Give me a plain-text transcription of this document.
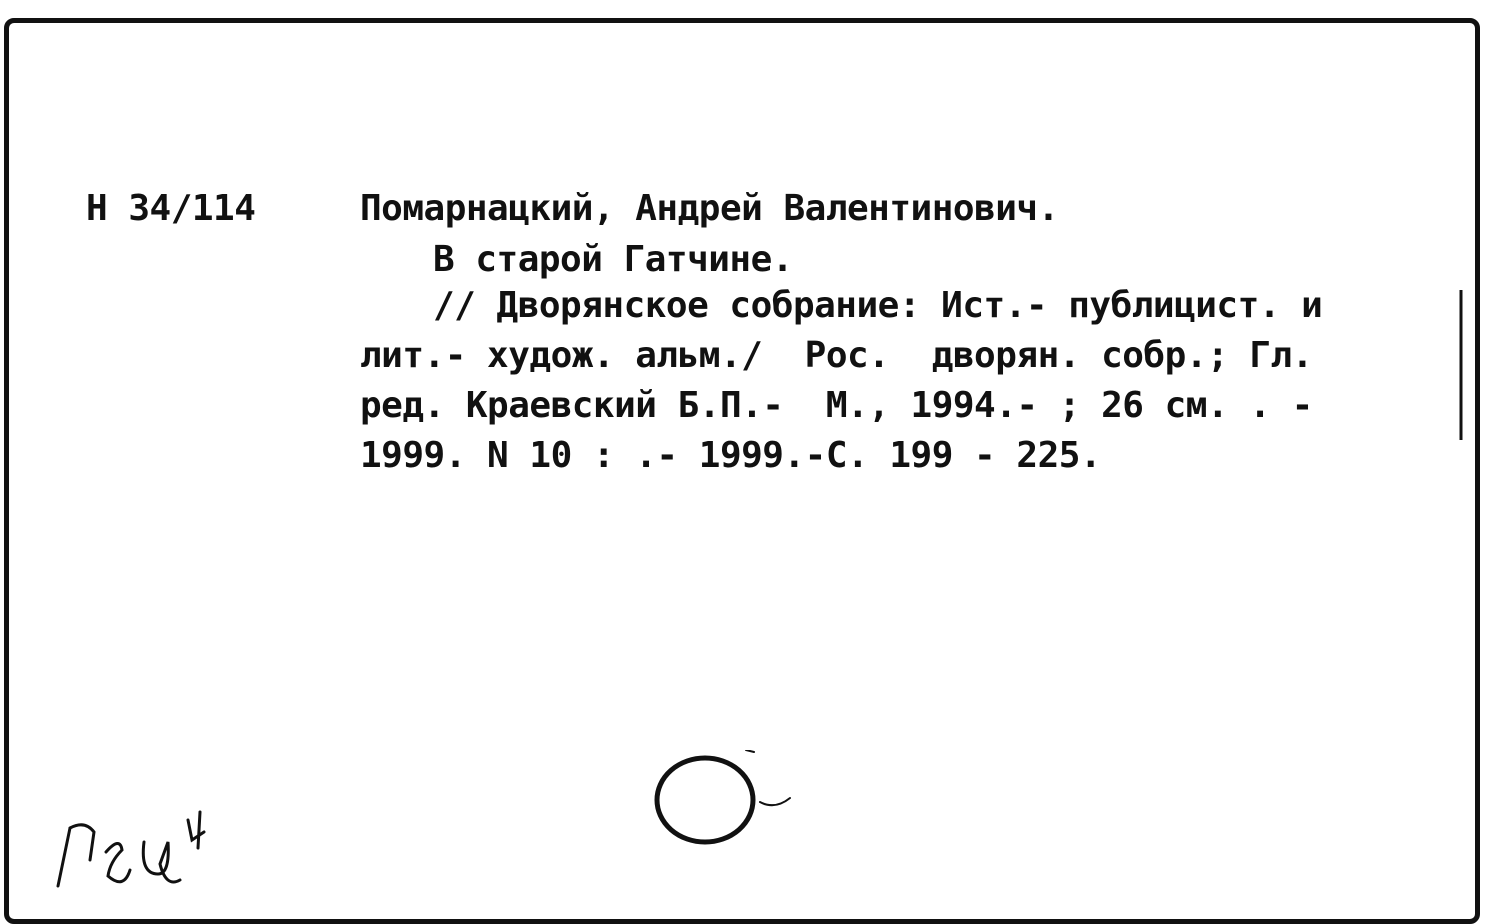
Н 34/114	Помарнацкий, Андрей Валентинович.
В старой Гатчине.
// Дворянское собрание: Ист.- публицист. и
лит.- худож. альм./  Рос.  дворян. собр.; Гл.
ред. Краевский Б.П.-  М., 1994.- ; 26 см. . -
1999. N 10 : .- 1999.-С. 199 - 225.
